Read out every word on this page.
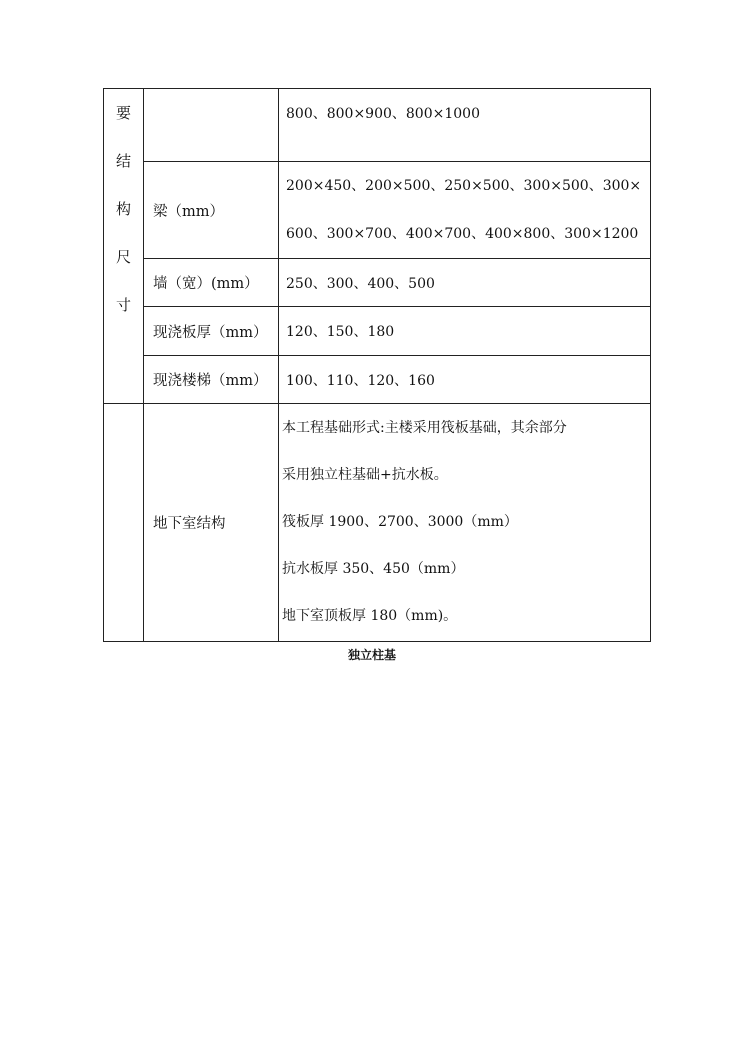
要
结
构
尺
寸		800、800×900、800×1000

	梁（mm）	200×450、200×500、250×500、300×500、300×
600、300×700、400×700、400×800、300×1200

	墙（宽）(mm）	250、300、400、500
	现浇板厚（mm）	120、150、180
	现浇楼梯（mm）	100、110、120、160
	地下室结构	本工程基础形式:主楼采用筏板基础，其余部分
采用独立柱基础+抗水板。
筏板厚 1900、2700、3000（mm）
抗水板厚 350、450（mm）
地下室顶板厚 180（mm)。
独立柱基
